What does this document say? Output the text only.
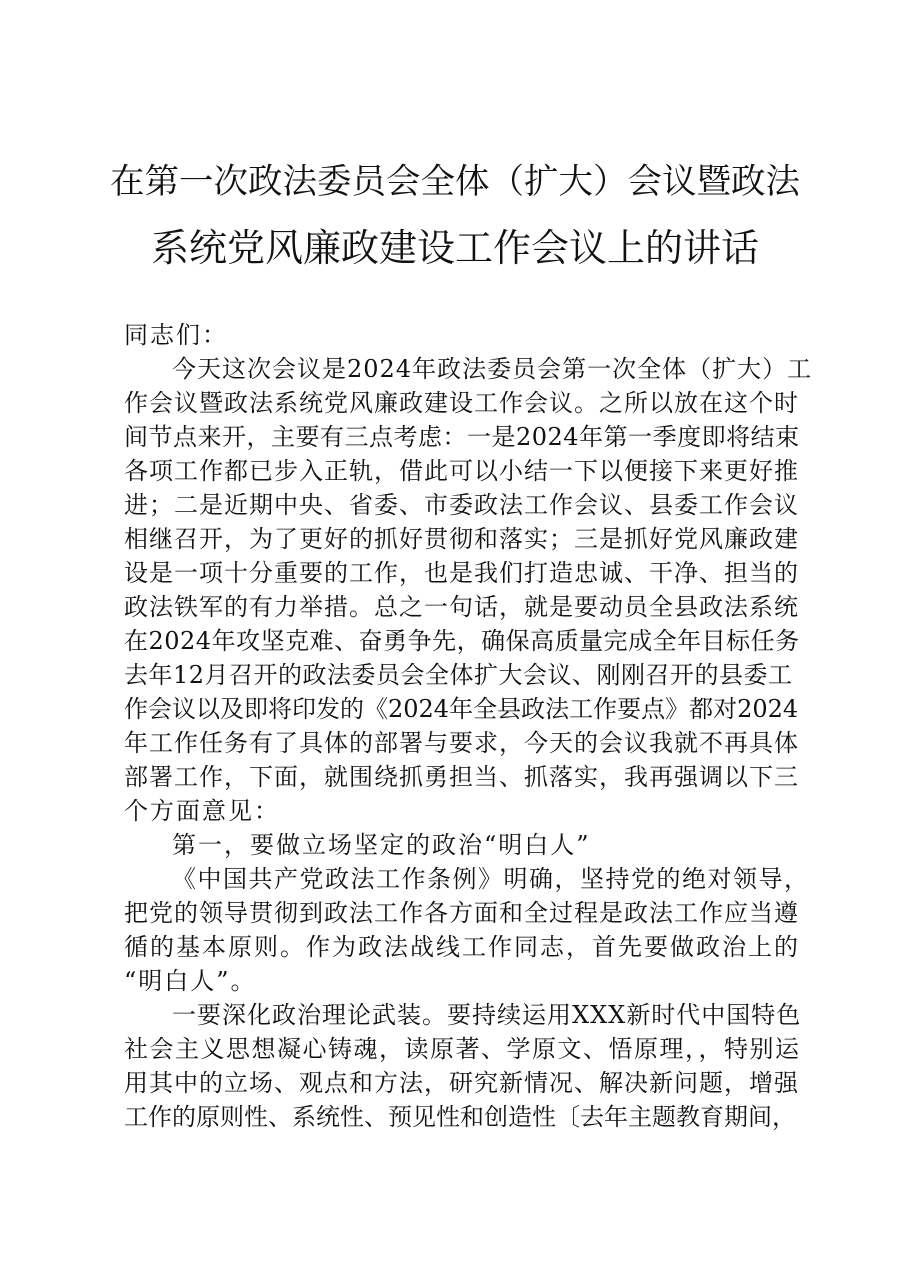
在第一次政法委员会全体（扩大）会议暨政法
系统党风廉政建设工作会议上的讲话
同志们：
今天这次会议是2024年政法委员会第一次全体（扩大）工
作会议暨政法系统党风廉政建设工作会议。之所以放在这个时
间节点来开，主要有三点考虑：一是2024年第一季度即将结束
各项工作都已步入正轨，借此可以小结一下以便接下来更好推
进；二是近期中央、省委、市委政法工作会议、县委工作会议
相继召开，为了更好的抓好贯彻和落实；三是抓好党风廉政建
设是一项十分重要的工作，也是我们打造忠诚、干净、担当的
政法铁军的有力举措。总之一句话，就是要动员全县政法系统
在2024年攻坚克难、奋勇争先，确保高质量完成全年目标任务
去年12月召开的政法委员会全体扩大会议、刚刚召开的县委工
作会议以及即将印发的《2024年全县政法工作要点》都对2024
年工作任务有了具体的部署与要求，今天的会议我就不再具体
部署工作，下面，就围绕抓勇担当、抓落实，我再强调以下三
个方面意见：
第一，要做立场坚定的政治“明白人”
《中国共产党政法工作条例》明确，坚持党的绝对领导，
把党的领导贯彻到政法工作各方面和全过程是政法工作应当遵
循的基本原则。作为政法战线工作同志，首先要做政治上的
“明白人”。
一要深化政治理论武装。要持续运用XXX新时代中国特色
社会主义思想凝心铸魂，读原著、学原文、悟原理，，特别运
用其中的立场、观点和方法，研究新情况、解决新问题，增强
工作的原则性、系统性、预见性和创造性〔去年主题教育期间，
